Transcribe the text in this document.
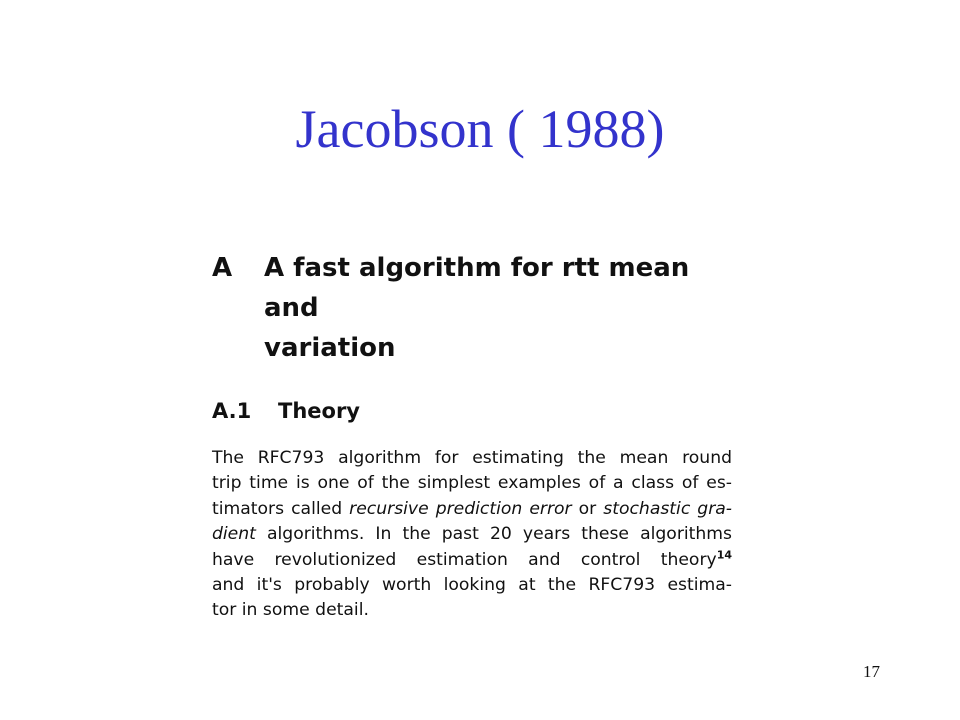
Jacobson ( 1988)
A	A fast algorithm for rtt mean and
variation
A.1	Theory
The RFC793 algorithm for estimating the mean round
trip time is one of the simplest examples of a class of es-
timators called recursive prediction error or stochastic gra-
dient algorithms. In the past 20 years these algorithms
have revolutionized estimation and control theory$^{14}$
and it's probably worth looking at the RFC793 estima-
tor in some detail.
17
